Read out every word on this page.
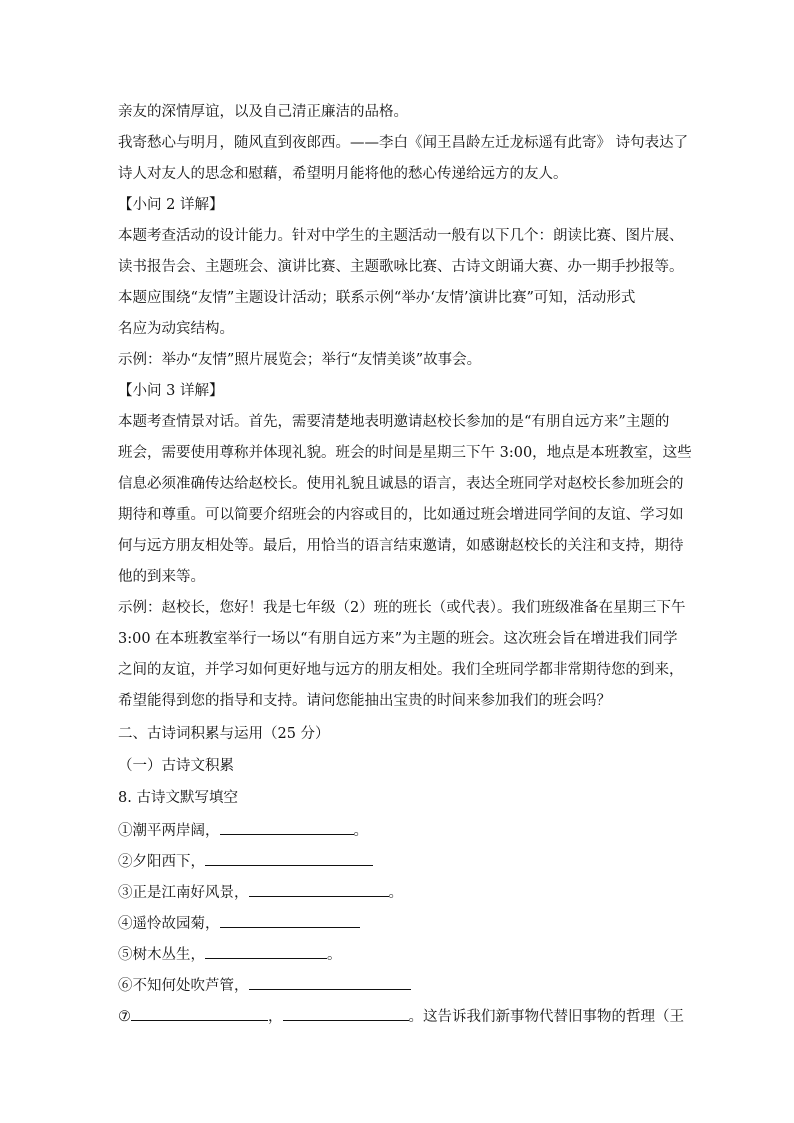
亲友的深情厚谊，以及自己清正廉洁的品格。
我寄愁心与明月，随风直到夜郎西。——李白《闻王昌龄左迁龙标遥有此寄》 诗句表达了
诗人对友人的思念和慰藉，希望明月能将他的愁心传递给远方的友人。
【小问 2 详解】
本题考查活动的设计能力。针对中学生的主题活动一般有以下几个：朗读比赛、图片展、
读书报告会、主题班会、演讲比赛、主题歌咏比赛、古诗文朗诵大赛、办一期手抄报等。
本题应围绕“友情”主题设计活动；联系示例“举办‘友情’演讲比赛”可知，活动形式
名应为动宾结构。
示例：举办“友情”照片展览会；举行“友情美谈”故事会。
【小问 3 详解】
本题考查情景对话。首先，需要清楚地表明邀请赵校长参加的是“有朋自远方来”主题的
班会，需要使用尊称并体现礼貌。班会的时间是星期三下午 3:00，地点是本班教室，这些
信息必须准确传达给赵校长。使用礼貌且诚恳的语言，表达全班同学对赵校长参加班会的
期待和尊重。可以简要介绍班会的内容或目的，比如通过班会增进同学间的友谊、学习如
何与远方朋友相处等。最后，用恰当的语言结束邀请，如感谢赵校长的关注和支持，期待
他的到来等。
示例：赵校长，您好！我是七年级（2）班的班长（或代表）。我们班级准备在星期三下午
3:00 在本班教室举行一场以“有朋自远方来”为主题的班会。这次班会旨在增进我们同学
之间的友谊，并学习如何更好地与远方的朋友相处。我们全班同学都非常期待您的到来，
希望能得到您的指导和支持。请问您能抽出宝贵的时间来参加我们的班会吗？
二、古诗词积累与运用（25 分）
（一）古诗文积累
8. 古诗文默写填空
①潮平两岸阔，	。
②夕阳西下，
③正是江南好风景，	。
④遥怜故园菊，
⑤树木丛生，	。
⑥不知何处吹芦管，
⑦	，	。这告诉我们新事物代替旧事物的哲理（王
